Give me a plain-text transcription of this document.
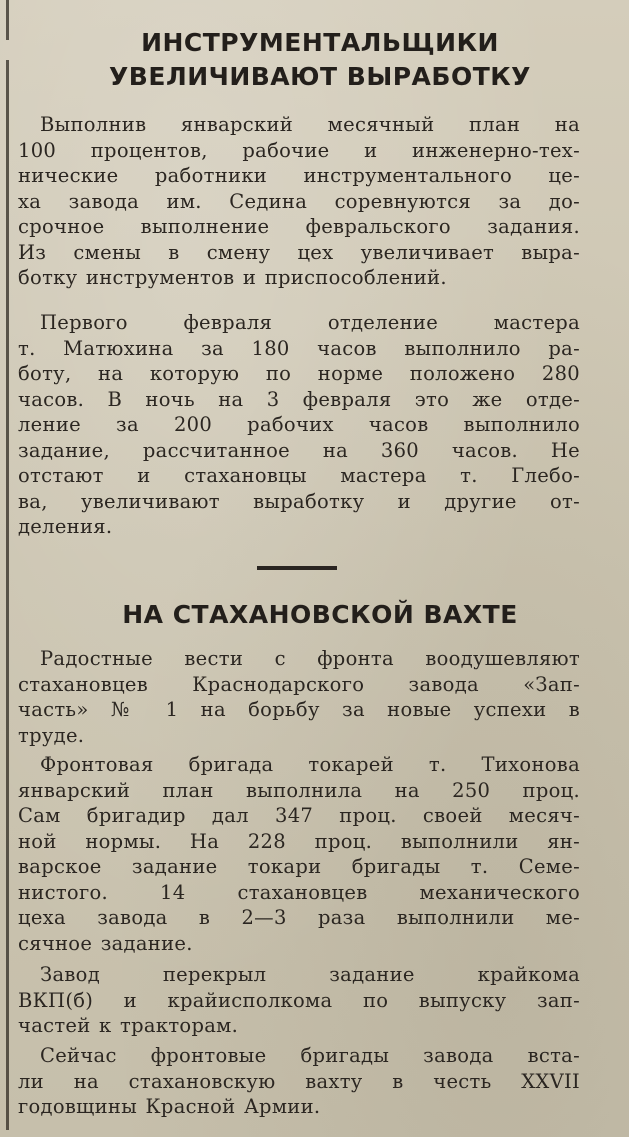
ИНСТРУМЕНТАЛЬЩИКИ
УВЕЛИЧИВАЮТ ВЫРАБОТКУ
Выполнив январский месячный план на
100 процентов, рабочие и инженерно-тех-
нические работники инструментального це-
ха завода им. Седина соревнуются за до-
срочное выполнение февральского задания.
Из смены в смену цех увеличивает выра-
ботку инструментов и приспособлений.
Первого февраля отделение мастера
т. Матюхина за 180 часов выполнило ра-
боту, на которую по норме положено 280
часов. В ночь на 3 февраля это же отде-
ление за 200 рабочих часов выполнило
задание, рассчитанное на 360 часов. Не
отстают и стахановцы мастера т. Глебо-
ва, увеличивают выработку и другие от-
деления.
НА СТАХАНОВСКОЙ ВАХТЕ
Радостные вести с фронта воодушевляют
стахановцев Краснодарского завода «Зап-
часть» № 1 на борьбу за новые успехи в
труде.
Фронтовая бригада токарей т. Тихонова
январский план выполнила на 250 проц.
Сам бригадир дал 347 проц. своей месяч-
ной нормы. На 228 проц. выполнили ян-
варское задание токари бригады т. Семе-
нистого. 14 стахановцев механического
цеха завода в 2—3 раза выполнили ме-
сячное задание.
Завод перекрыл задание крайкома
ВКП(б) и крайисполкома по выпуску зап-
частей к тракторам.
Сейчас фронтовые бригады завода вста-
ли на стахановскую вахту в честь XXVII
годовщины Красной Армии.
